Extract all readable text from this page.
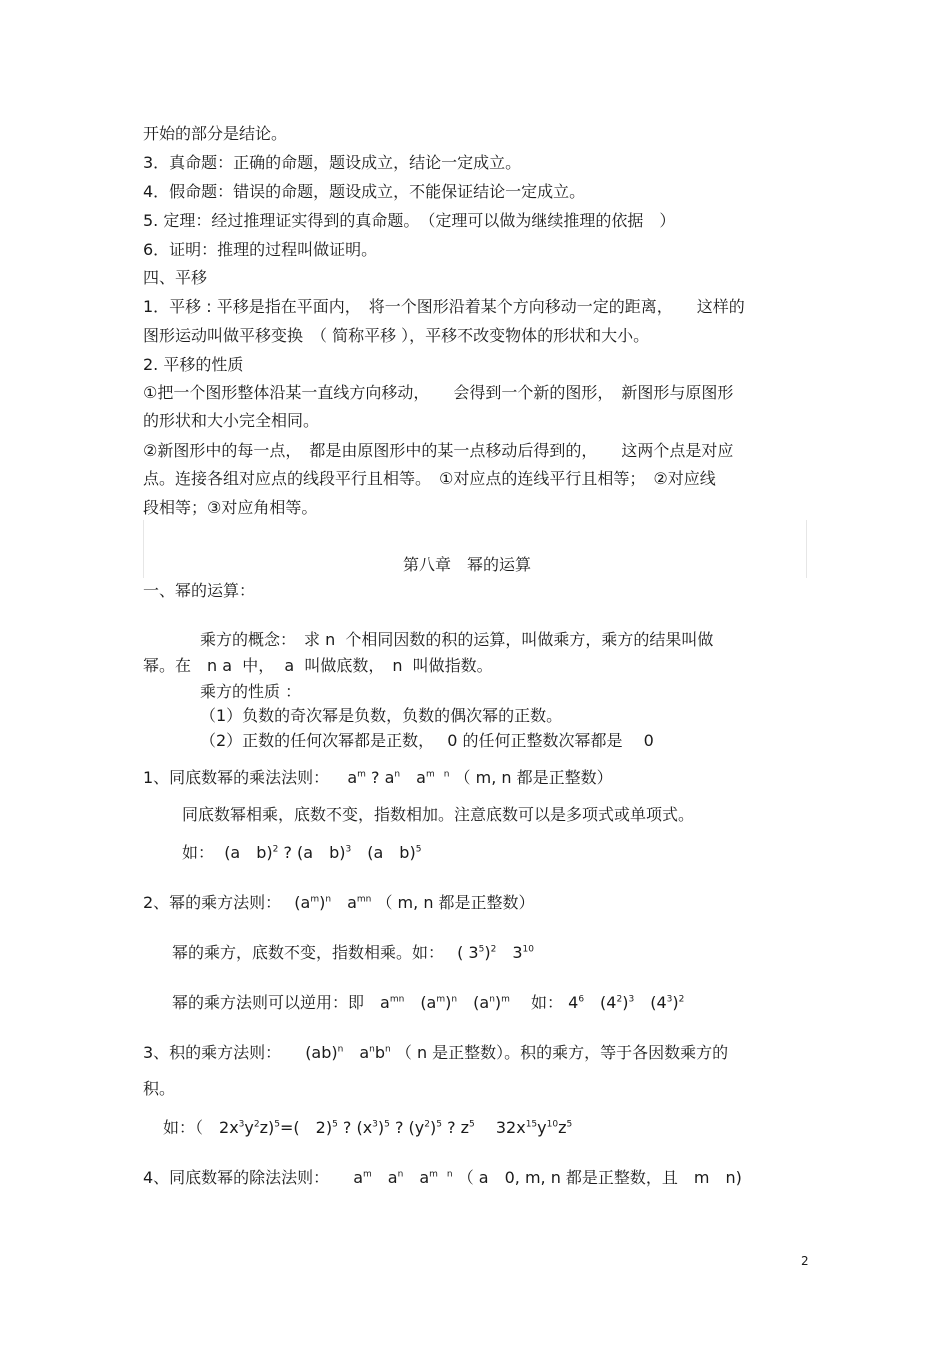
开始的部分是结论。
3．真命题：正确的命题，题设成立，结论一定成立。
4．假命题：错误的命题，题设成立，不能保证结论一定成立。
5. 定理：经过推理证实得到的真命题。　（定理可以做为继续推理的依据　）
6．证明：推理的过程叫做证明。
四、平移
1．平移 : 平移是指在平面内，　将一个图形沿着某个方向移动一定的距离，　　这样的
图形运动叫做平移变换　（ 简称平移 ），平移不改变物体的形状和大小。
2. 平移的性质
①把一个图形整体沿某一直线方向移动，　　会得到一个新的图形，　新图形与原图形
的形状和大小完全相同。
②新图形中的每一点，　都是由原图形中的某一点移动后得到的，　　这两个点是对应
点。连接各组对应点的线段平行且相等。　①对应点的连线平行且相等；　②对应线
段相等；③对应角相等。
第八章　幂的运算
一、幂的运算：
乘方的概念：　求 n  个相同因数的积的运算，叫做乘方，乘方的结果叫做
幂。在　n a  中，  a  叫做底数，　n  叫做指数。
乘方的性质 ：
（1）负数的奇次幂是负数，负数的偶次幂的正数。
（2）正数的任何次幂都是正数，　 0 的任何正整数次幂都是　 0
1、同底数幂的乘法法则：　  $a^m$ ? $a^n$　$a^{m n}$ （ m, n 都是正整数）
同底数幂相乘，底数不变，指数相加。注意底数可以是多项式或单项式。
如：  (a　b)$^2$ ? (a　b)$^3$　(a　b)$^5$
2、幂的乘方法则：　 $(a^m)^n$　$a^{mn}$ （ m, n 都是正整数）
幂的乘方，底数不变，指数相乘。如：　 ( $3^5)^2$　$3^{10}$
幂的乘方法则可以逆用：即　$a^{mn}$　$(a^m)^n$　$(a^n)^m$　 如： $4^6$　$(4^2)^3$　$(4^3)^2$
3、积的乘方法则：　　(ab)$^n$　$a^nb^n$ （ n 是正整数）。积的乘方，等于各因数乘方的
积。
如：（　$2x^3y^2z)^5=$(　2)$^5$ ? $(x^3)^5$ ? $(y^2)^5$ ? $z^5$　 $32x^{15}y^{10}z^5$
4、同底数幂的除法法则：　　$a^m$　$a^n$　$a^{m n}$ （ a　0, m, n 都是正整数，且　m　n)
2
